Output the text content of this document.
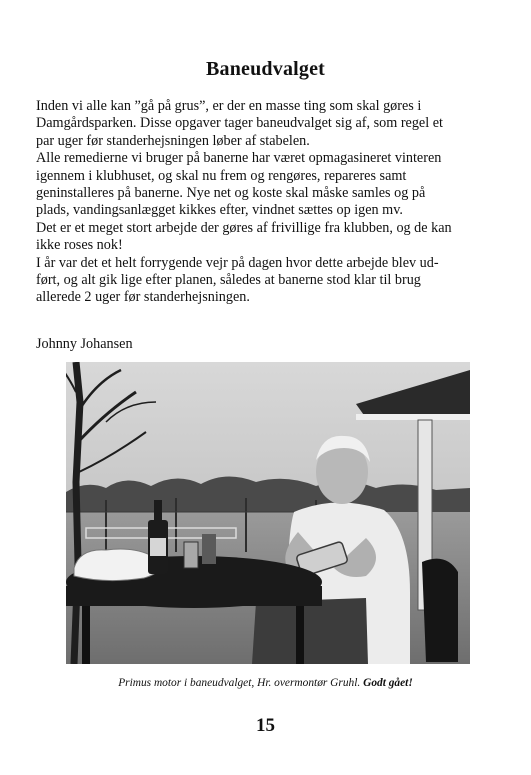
Baneudvalget
Inden vi alle kan ”gå på grus”, er der en masse ting som skal gøres i
Damgårdsparken. Disse opgaver tager baneudvalget sig af, som regel et
par uger før standerhejsningen løber af stabelen.
Alle remedierne vi bruger på banerne har været opmagasineret vinteren
igennem i klubhuset, og skal nu frem og rengøres, repareres samt
geninstalleres på banerne. Nye net og koste skal måske samles og på
plads, vandingsanlægget kikkes efter, vindnet sættes op igen mv.
Det er et meget stort arbejde der gøres af frivillige fra klubben, og de kan
ikke roses nok!
I år var det et helt forrygende vejr på dagen hvor dette arbejde blev ud-
ført, og alt gik lige efter planen, således at banerne stod klar til brug
allerede 2 uger før standerhejsningen.
Johnny Johansen
Primus motor i baneudvalget, Hr. overmontør Gruhl. Godt gået!
15
